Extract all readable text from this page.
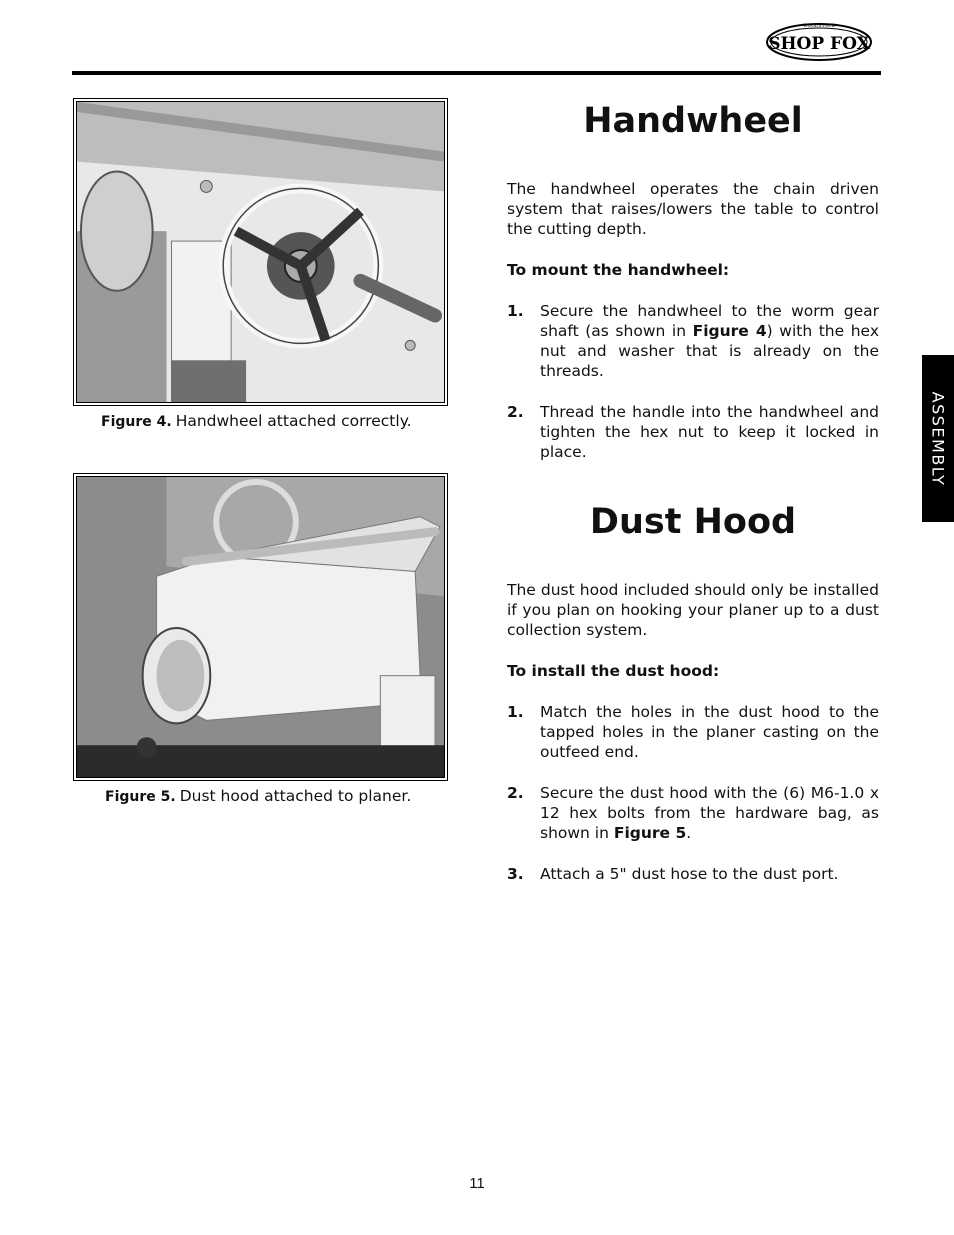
SHOP FOX
WOODSTOCK
Figure 4. Handwheel attached correctly.
Figure 5. Dust hood attached to planer.
Handwheel

The handwheel operates the chain driven system that raises/lowers the table to control the cutting depth.

To mount the handwheel:

1. Secure the handwheel to the worm gear shaft (as shown in Figure 4) with the hex nut and washer that is already on the threads.
2. Thread the handle into the handwheel and tighten the hex nut to keep it locked in place.
Dust Hood

The dust hood included should only be installed if you plan on hooking your planer up to a dust collection system.

To install the dust hood:

1. Match the holes in the dust hood to the tapped holes in the planer casting on the outfeed end.
2. Secure the dust hood with the (6) M6-1.0 x 12 hex bolts from the hardware bag, as shown in Figure 5.
3. Attach a 5" dust hose to the dust port.
ASSEMBLY
11
